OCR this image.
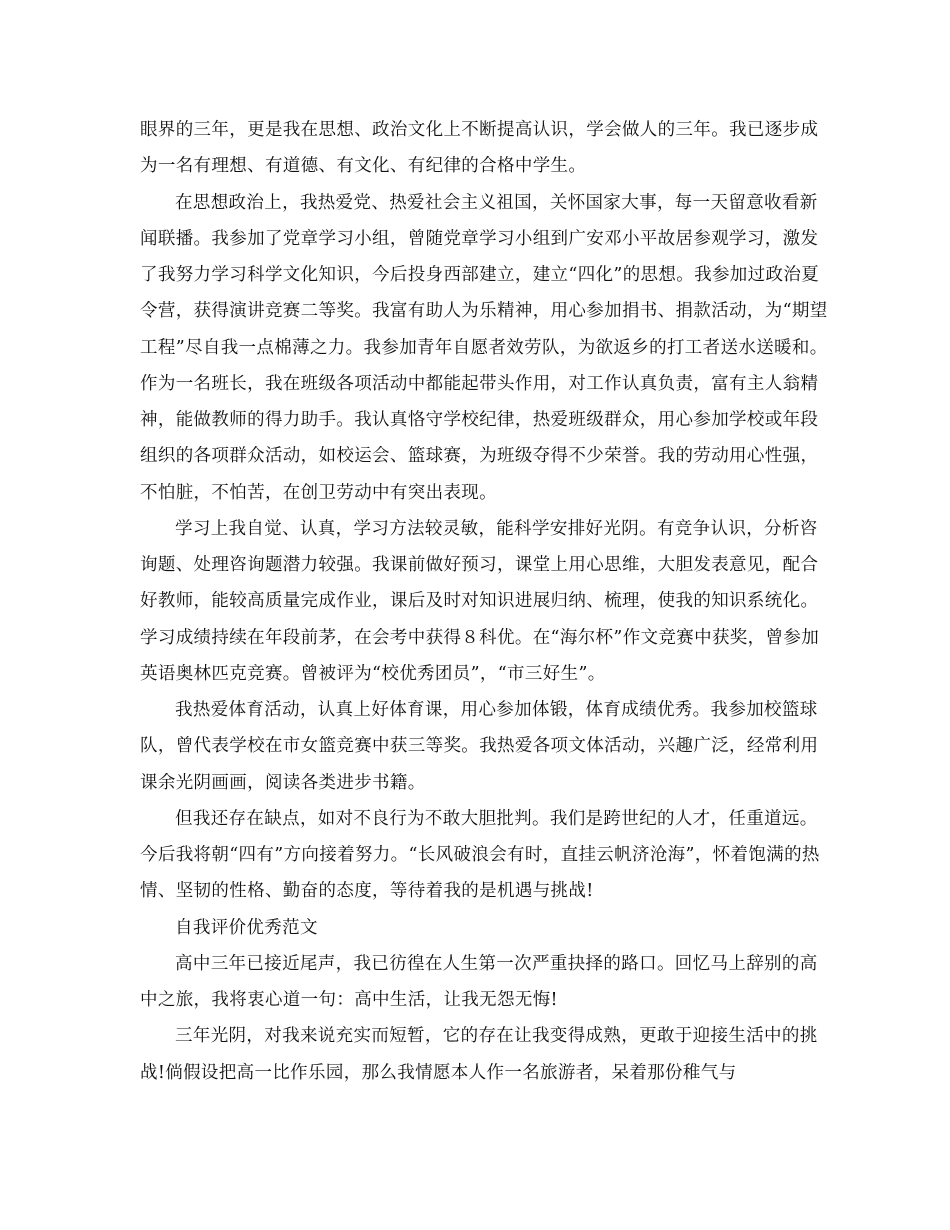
眼界的三年，更是我在思想、政治文化上不断提高认识，学会做人的三年。我已逐步成为一名有理想、有道德、有文化、有纪律的合格中学生。

在思想政治上，我热爱党、热爱社会主义祖国，关怀国家大事，每一天留意收看新闻联播。我参加了党章学习小组，曾随党章学习小组到广安邓小平故居参观学习，激发了我努力学习科学文化知识，今后投身西部建立，建立“四化”的思想。我参加过政治夏令营，获得演讲竞赛二等奖。我富有助人为乐精神，用心参加捐书、捐款活动，为“期望工程”尽自我一点棉薄之力。我参加青年自愿者效劳队，为欲返乡的打工者送水送暖和。作为一名班长，我在班级各项活动中都能起带头作用，对工作认真负责，富有主人翁精神，能做教师的得力助手。我认真恪守学校纪律，热爱班级群众，用心参加学校或年段组织的各项群众活动，如校运会、篮球赛，为班级夺得不少荣誉。我的劳动用心性强，不怕脏，不怕苦，在创卫劳动中有突出表现。

学习上我自觉、认真，学习方法较灵敏，能科学安排好光阴。有竞争认识，分析咨询题、处理咨询题潜力较强。我课前做好预习，课堂上用心思维，大胆发表意见，配合好教师，能较高质量完成作业，课后及时对知识进展归纳、梳理，使我的知识系统化。学习成绩持续在年段前茅，在会考中获得８科优。在“海尔杯”作文竞赛中获奖，曾参加英语奥林匹克竞赛。曾被评为“校优秀团员”，“市三好生”。

我热爱体育活动，认真上好体育课，用心参加体锻，体育成绩优秀。我参加校篮球队，曾代表学校在市女篮竞赛中获三等奖。我热爱各项文体活动，兴趣广泛，经常利用课余光阴画画，阅读各类进步书籍。

但我还存在缺点，如对不良行为不敢大胆批判。我们是跨世纪的人才，任重道远。今后我将朝“四有”方向接着努力。“长风破浪会有时，直挂云帆济沧海”，怀着饱满的热情、坚韧的性格、勤奋的态度，等待着我的是机遇与挑战!

自我评价优秀范文

高中三年已接近尾声，我已彷徨在人生第一次严重抉择的路口。回忆马上辞别的高中之旅，我将衷心道一句：高中生活，让我无怨无悔!

三年光阴，对我来说充实而短暂，它的存在让我变得成熟，更敢于迎接生活中的挑战!倘假设把高一比作乐园，那么我情愿本人作一名旅游者，呆着那份稚气与
